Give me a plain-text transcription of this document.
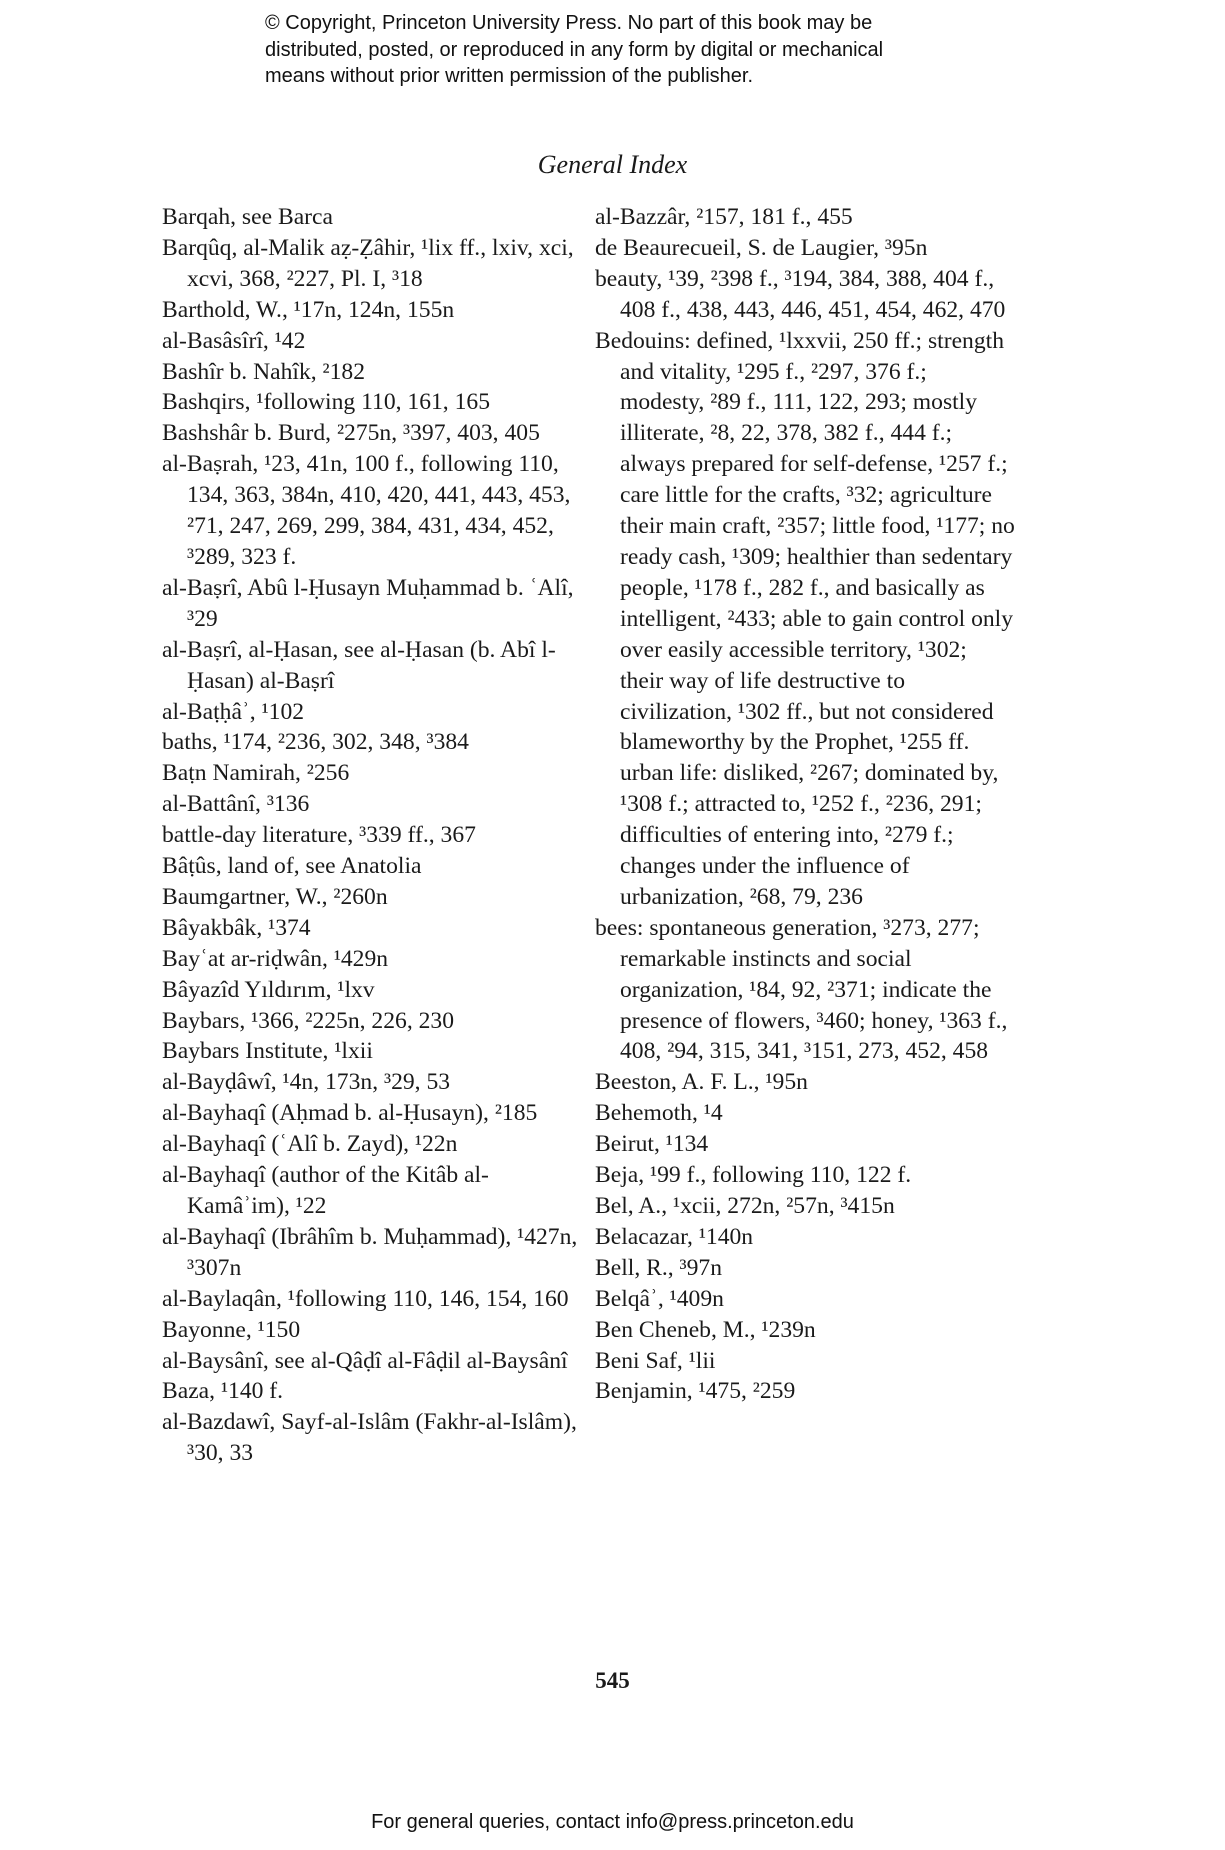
© Copyright, Princeton University Press. No part of this book may be
distributed, posted, or reproduced in any form by digital or mechanical
means without prior written permission of the publisher.
General Index

Barqah, see Barca

Barqûq, al-Malik aẓ-Ẓâhir, ¹lix ff., lxiv, xci, xcvi, 368, ²227, Pl. I, ³18

Barthold, W., ¹17n, 124n, 155n

al-Basâsîrî, ¹42

Bashîr b. Nahîk, ²182

Bashqirs, ¹following 110, 161, 165

Bashshâr b. Burd, ²275n, ³397, 403, 405

al-Baṣrah, ¹23, 41n, 100 f., following 110, 134, 363, 384n, 410, 420, 441, 443, 453, ²71, 247, 269, 299, 384, 431, 434, 452, ³289, 323 f.

al-Baṣrî, Abû l-Ḥusayn Muḥammad b. ʿAlî, ³29

al-Baṣrî, al-Ḥasan, see al-Ḥasan (b. Abî l-Ḥasan) al-Baṣrî

al-Baṭḥâʾ, ¹102

baths, ¹174, ²236, 302, 348, ³384

Baṭn Namirah, ²256

al-Battânî, ³136

battle-day literature, ³339 ff., 367

Bâṭûs, land of, see Anatolia

Baumgartner, W., ²260n

Bâyakbâk, ¹374

Bayʿat ar-riḍwân, ¹429n

Bâyazîd Yıldırım, ¹lxv

Baybars, ¹366, ²225n, 226, 230

Baybars Institute, ¹lxii

al-Bayḍâwî, ¹4n, 173n, ³29, 53

al-Bayhaqî (Aḥmad b. al-Ḥusayn), ²185

al-Bayhaqî (ʿAlî b. Zayd), ¹22n

al-Bayhaqî (author of the Kitâb al-Kamâʾim), ¹22

al-Bayhaqî (Ibrâhîm b. Muḥammad), ¹427n, ³307n

al-Baylaqân, ¹following 110, 146, 154, 160

Bayonne, ¹150

al-Baysânî, see al-Qâḍî al-Fâḍil al-Baysânî

Baza, ¹140 f.

al-Bazdawî, Sayf-al-Islâm (Fakhr-al-Islâm), ³30, 33

al-Bazzâr, ²157, 181 f., 455

de Beaurecueil, S. de Laugier, ³95n

beauty, ¹39, ²398 f., ³194, 384, 388, 404 f., 408 f., 438, 443, 446, 451, 454, 462, 470

Bedouins: defined, ¹lxxvii, 250 ff.; strength and vitality, ¹295 f., ²297, 376 f.; modesty, ²89 f., 111, 122, 293; mostly illiterate, ²8, 22, 378, 382 f., 444 f.; always prepared for self-defense, ¹257 f.; care little for the crafts, ³32; agriculture their main craft, ²357; little food, ¹177; no ready cash, ¹309; healthier than sedentary people, ¹178 f., 282 f., and basically as intelligent, ²433; able to gain control only over easily accessible territory, ¹302; their way of life destructive to civilization, ¹302 ff., but not considered blameworthy by the Prophet, ¹255 ff.

urban life: disliked, ²267; dominated by, ¹308 f.; attracted to, ¹252 f., ²236, 291; difficulties of entering into, ²279 f.; changes under the influence of urbanization, ²68, 79, 236

bees: spontaneous generation, ³273, 277; remarkable instincts and social organization, ¹84, 92, ²371; indicate the presence of flowers, ³460; honey, ¹363 f., 408, ²94, 315, 341, ³151, 273, 452, 458

Beeston, A. F. L., ¹95n

Behemoth, ¹4

Beirut, ¹134

Beja, ¹99 f., following 110, 122 f.

Bel, A., ¹xcii, 272n, ²57n, ³415n

Belacazar, ¹140n

Bell, R., ³97n

Belqâʾ, ¹409n

Ben Cheneb, M., ¹239n

Beni Saf, ¹lii

Benjamin, ¹475, ²259

545
For general queries, contact info@press.princeton.edu
